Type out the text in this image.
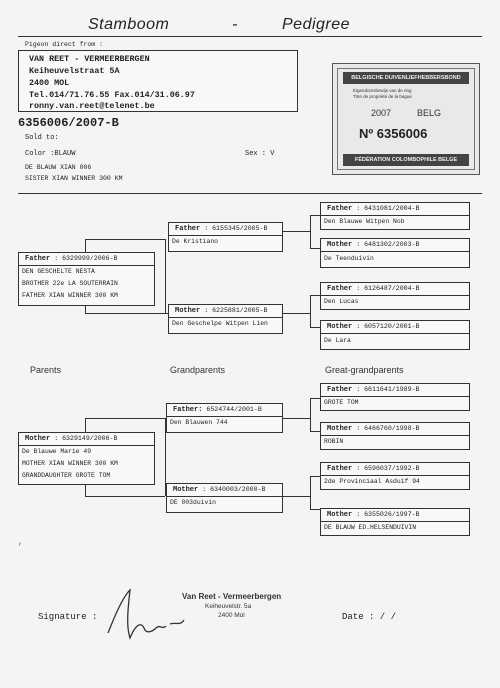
Stamboom	-	Pedigree
Pigeon direct from :
VAN REET - VERMEERBERGEN
Keiheuvelstraat 5A
2400 MOL
Tel.014/71.76.55 Fax.014/31.06.97
ronny.van.reet@telenet.be
BELGISCHE DUIVENLIEFHEBBERSBOND
Eigendomsbewijs van de ring
Titre de propriété de la bague
2007	BELG
Nº 6356006
FÉDÉRATION COLOMBOPHILE BELGE
6356006/2007-B
Sold to:
Color :BLAUW	Sex : V
DE BLAUW XIAN 006
SISTER XIAN WINNER 300 KM
Father : 6329999/2006-B
DEN GESCHELTE NESTA
BROTHER 22e LA SOUTERRAIN
FATHER XIAN WINNER 300 KM
Father : 6155345/2005-B
De Kristiano
Mother : 6225881/2005-B
Den Geschelpe Witpen Lien
Father : 6431081/2004-B
Den Blauwe Witpen Nob
Mother : 6481302/2003-B
De Teenduivin
Father : 6126487/2004-B
Den Lucas
Mother : 6057120/2001-B
De Lara
Parents	Grandparents	Great-grandparents
Mother : 6329149/2006-B
De Blauwe Marie 49
MOTHER XIAN WINNER 300 KM
GRANDDAUGHTER GROTE TOM
Father: 6524744/2001-B
Den Blauwen 744
Mother : 6340003/2000-B
DE 003duivin
Father : 6611641/1989-B
GROTE TOM
Mother : 6466760/1998-B
ROBIN
Father : 6596037/1992-B
2de Provinciaal Asduif 94
Mother : 6355026/1997-B
DE BLAUW ED.HELSENDUIVIN
,
Signature :
Van Reet - Vermeerbergen
Keiheuvelstr. 5a
2400 Mol	Date : / /
